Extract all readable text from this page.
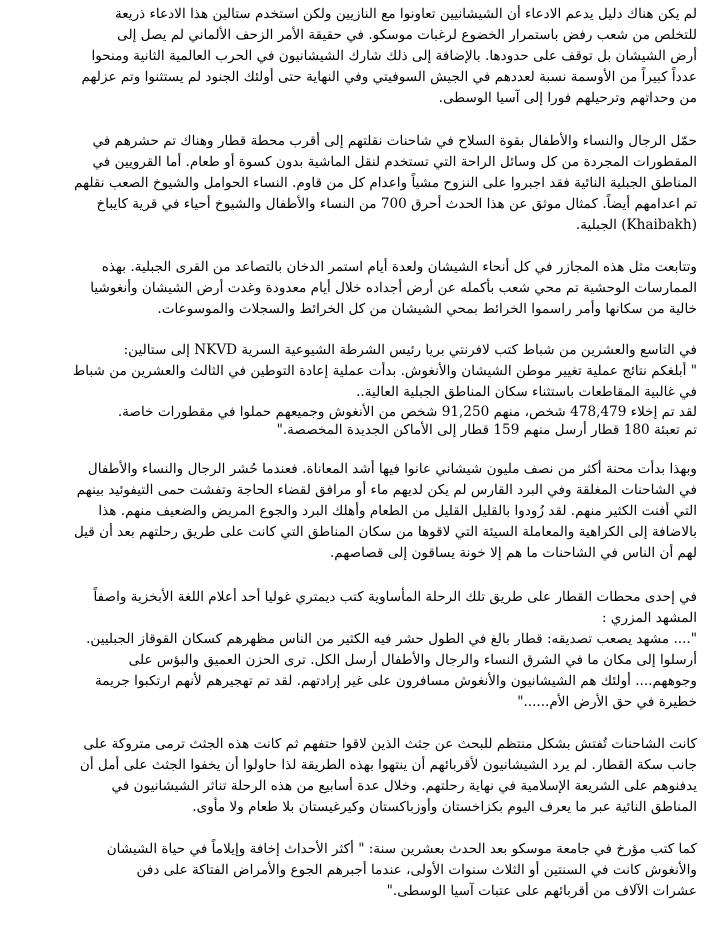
لم يكن هناك دليل يدعم الادعاء أن الشيشانيين تعاونوا مع النازيين ولكن استخدم ستالين هذا الادعاء ذريعة
للتخلص من شعب رفض باستمرار الخضوع لرغبات موسكو. في حقيقة الأمر الزحف الألماني لم يصل إلى
أرض الشيشان بل توقف على حدودها. بالإضافة إلى ذلك شارك الشيشانيون في الحرب العالمية الثانية ومنحوا
عدداً كبيراً من الأوسمة نسبة لعددهم في الجيش السوفيتي وفي النهاية حتى أولئك الجنود لم يستثنوا وتم عزلهم
من وحداتهم وترحيلهم فورا إلى آسيا الوسطى.

حمّل الرجال والنساء والأطفال بقوة السلاح في شاحنات نقلتهم إلى أقرب محطة قطار وهناك تم حشرهم في
المقطورات المجردة من كل وسائل الراحة التي تستخدم لنقل الماشية بدون كسوة أو طعام. أما القرويين في
المناطق الجبلية النائية فقد اجبروا على النزوح مشياً واعدام كل من قاوم. النساء الحوامل والشيوخ الصعب نقلهم
تم اعدامهم أيضاً. كمثال موثق عن هذا الحدث أحرق 700 من النساء والأطفال والشيوخ أحياء في قرية كايباخ
(Khaibakh) الجبلية.

وتتابعت مثل هذه المجازر في كل أنحاء الشيشان ولعدة أيام استمر الدخان بالتصاعد من القرى الجبلية. بهذه
الممارسات الوحشية تم محي شعب بأكمله عن أرض أجداده خلال أيام معدودة وغدت أرض الشيشان وأنغوشيا
خالية من سكانها وأمر راسموا الخرائط بمحي الشيشان من كل الخرائط والسجلات والموسوعات.

في التاسع والعشرين من شباط كتب لافرنتي بريا رئيس الشرطة الشيوعية السرية NKVD إلى ستالين:
" أبلغكم نتائج عملية تغيير موطن الشيشان والأنغوش. بدأت عملية إعادة التوطين في الثالث والعشرين من شباط
في غالبية المقاطعات باستثناء سكان المناطق الجبلية العالية..
لقد تم إخلاء 478,479 شخص، منهم 91,250 شخص من الأنغوش وجميعهم حملوا في مقطورات خاصة.
تم تعبئة 180 قطار أرسل منهم 159 قطار إلى الأماكن الجديدة المخصصة."

وبهذا بدأت محنة أكثر من نصف مليون شيشاني عانوا فيها أشد المعاناة. فعندما حُشر الرجال والنساء والأطفال
في الشاحنات المغلقة وفي البرد القارس لم يكن لديهم ماء أو مرافق لقضاء الحاجة وتفشت حمى التيفوئيد بينهم
التي أفنت الكثير منهم. لقد زُودوا بالقليل القليل من الطعام وأهلك البرد والجوع المريض والضعيف منهم. هذا
بالاضافة إلى الكراهية والمعاملة السيئة التي لاقوها من سكان المناطق التي كانت على طريق رحلتهم بعد أن قيل
لهم أن الناس في الشاحنات ما هم إلا خونة يساقون إلى قصاصهم.

في إحدى محطات القطار على طريق تلك الرحلة المأساوية كتب ديمتري غوليا أحد أعلام اللغة الأبخزية واصفاً
المشهد المزري :
".... مشهد يصعب تصديقه: قطار بالغ في الطول حشر فيه الكثير من الناس مظهرهم كسكان القوقاز الجبليين.
أرسلوا إلى مكان ما في الشرق النساء والرجال والأطفال أرسل الكل. ترى الحزن العميق والبؤس على
وجوههم.... أولئك هم الشيشانيون والأنغوش مسافرون على غير إرادتهم. لقد تم تهجيرهم لأنهم ارتكبوا جريمة
خطيرة في حق الأرض الأم......"

كانت الشاحنات تُفتش بشكل منتظم للبحث عن جثث الذين لاقوا حتفهم ثم كانت هذه الجثث ترمى متروكة على
جانب سكة القطار. لم يرد الشيشانيون لأقربائهم أن ينتهوا بهذه الطريقة لذا حاولوا أن يخفوا الجثث على أمل أن
يدفنوهم على الشريعة الإسلامية في نهاية رحلتهم. وخلال عدة أسابيع من هذه الرحلة تناثر الشيشانيون في
المناطق النائية عبر ما يعرف اليوم بكزاخستان وأوزباكستان وكيرغيستان بلا طعام ولا مأوى.

كما كتب مؤرخ في جامعة موسكو بعد الحدث بعشرين سنة: " أكثر الأحداث إخافة وإيلاماً في حياة الشيشان
والأنغوش كانت في السنتين أو الثلاث سنوات الأولى، عندما أجبرهم الجوع والأمراض الفتاكة على دفن
عشرات الآلاف من أقربائهم على عتبات آسيا الوسطى."
